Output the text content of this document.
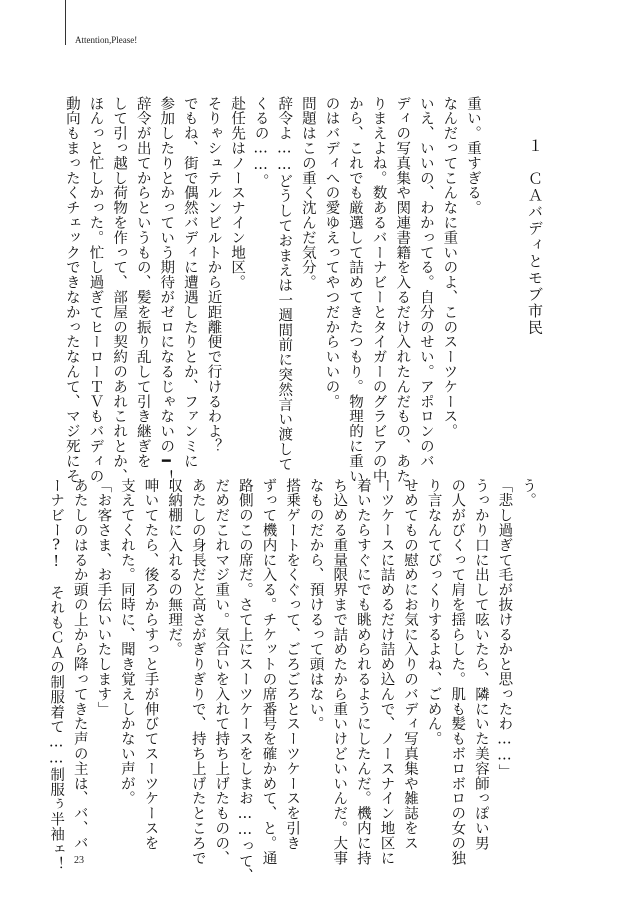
Attention,Please!
１　ＣＡバディとモブ市民
重い。重すぎる。
なんだってこんなに重いのよ、このスーツケース。
いえ、いいの、わかってる。自分のせい。アポロンのバ
ディの写真集や関連書籍を入るだけ入れたんだもの、あた
りまえよね。数あるバーナビーとタイガーのグラビアの中
から、これでも厳選して詰めてきたつもり。物理的に重い
のはバディへの愛ゆえってやつだからいいの。
問題はこの重く沈んだ気分。
辞令よ……どうしておまえは一週間前に突然言い渡して
くるの……。
赴任先はノースナイン地区。
そりゃシュテルンビルトから近距離便で行けるわよ？
でもね、街で偶然バディに遭遇したりとか、ファンミに
参加したりとかっていう期待がゼロになるじゃないの━！
辞令が出てからというもの、髪を振り乱して引き継ぎを
して引っ越し荷物を作って、部屋の契約のあれこれとか、
ほんっと忙しかった。忙し過ぎてヒーローＴＶもバディの
動向もまったくチェックできなかったなんて、マジ死にそ
う。
「悲し過ぎて毛が抜けるかと思ったわ……」
うっかり口に出して呟いたら、隣にいた美容師っぽい男
の人がびくって肩を揺らした。肌も髪もボロボロの女の独
り言なんてびっくりするよね、ごめん。
せめてもの慰めにお気に入りのバディ写真集や雑誌をス
ーツケースに詰めるだけ詰め込んで、ノースナイン地区に
着いたらすぐにでも眺められるようにしたんだ。機内に持
ち込める重量限界まで詰めたから重いけどいいんだ。大事
なものだから、預けるって頭はない。
搭乗ゲートをくぐって、ごろごろとスーツケースを引き
ずって機内に入る。チケットの席番号を確かめて、と。通
路側のこの席だ。さて上にスーツケースをしまお……って、
だめだこれマジ重い。気合いを入れて持ち上げたものの、
あたしの身長だと高さがぎりぎりで、持ち上げたところで
収納棚に入れるの無理だ。
呻いてたら、後ろからすっと手が伸びてスーツケースを
支えてくれた。同時に、聞き覚えしかない声が。
「お客さま、お手伝いいたします」
あたしのはるか頭の上から降ってきた声の主は、バ、バ
ーナビー?!　それもＣＡの制服着て……制服ぅ半袖ェ！ 23
